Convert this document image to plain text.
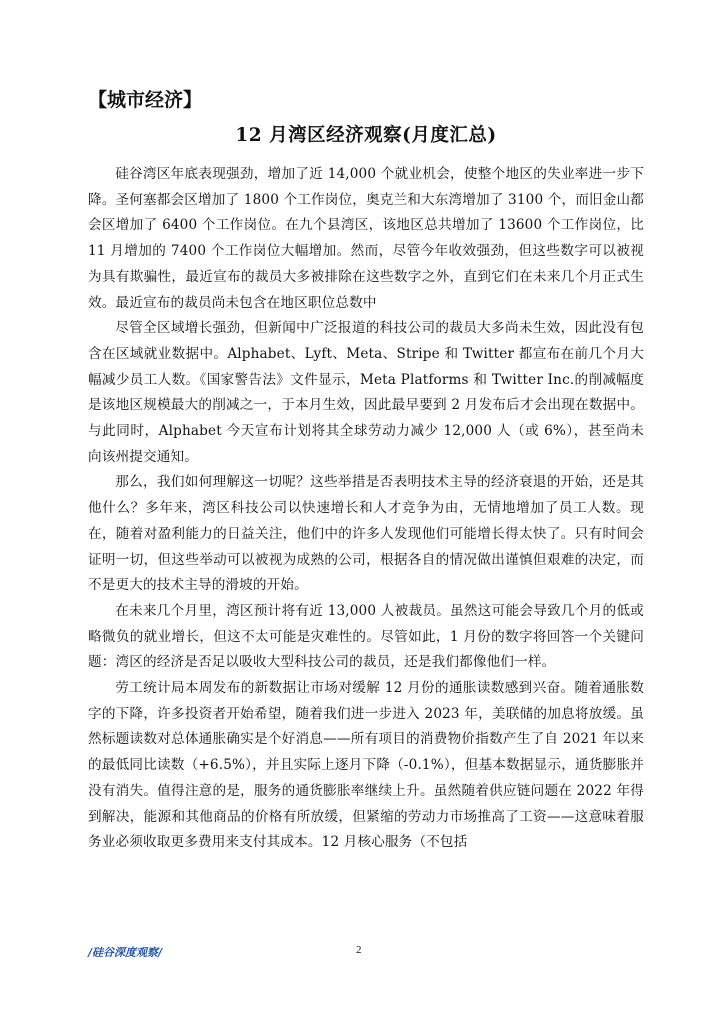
【城市经济】
12 月湾区经济观察(月度汇总)

硅谷湾区年底表现强劲，增加了近 14,000 个就业机会，使整个地区的失业率进一步下降。圣何塞都会区增加了 1800 个工作岗位，奥克兰和大东湾增加了 3100 个，而旧金山都会区增加了 6400 个工作岗位。在九个县湾区，该地区总共增加了 13600 个工作岗位，比 11 月增加的 7400 个工作岗位大幅增加。然而，尽管今年收效强劲，但这些数字可以被视为具有欺骗性，最近宣布的裁员大多被排除在这些数字之外，直到它们在未来几个月正式生效。最近宣布的裁员尚未包含在地区职位总数中

尽管全区域增长强劲，但新闻中广泛报道的科技公司的裁员大多尚未生效，因此没有包含在区域就业数据中。Alphabet、Lyft、Meta、Stripe 和 Twitter 都宣布在前几个月大幅减少员工人数。《国家警告法》文件显示，Meta Platforms 和 Twitter Inc.的削减幅度是该地区规模最大的削减之一，于本月生效，因此最早要到 2 月发布后才会出现在数据中。与此同时，Alphabet 今天宣布计划将其全球劳动力减少 12,000 人（或 6%），甚至尚未向该州提交通知。

那么，我们如何理解这一切呢？这些举措是否表明技术主导的经济衰退的开始，还是其他什么？多年来，湾区科技公司以快速增长和人才竞争为由，无情地增加了员工人数。现在，随着对盈利能力的日益关注，他们中的许多人发现他们可能增长得太快了。只有时间会证明一切，但这些举动可以被视为成熟的公司，根据各自的情况做出谨慎但艰难的决定，而不是更大的技术主导的滑坡的开始。

在未来几个月里，湾区预计将有近 13,000 人被裁员。虽然这可能会导致几个月的低或略微负的就业增长，但这不太可能是灾难性的。尽管如此，1 月份的数字将回答一个关键问题：湾区的经济是否足以吸收大型科技公司的裁员，还是我们都像他们一样。

劳工统计局本周发布的新数据让市场对缓解 12 月份的通胀读数感到兴奋。随着通胀数字的下降，许多投资者开始希望，随着我们进一步进入 2023 年，美联储的加息将放缓。虽然标题读数对总体通胀确实是个好消息——所有项目的消费物价指数产生了自 2021 年以来的最低同比读数（+6.5%），并且实际上逐月下降（-0.1%），但基本数据显示，通货膨胀并没有消失。值得注意的是，服务的通货膨胀率继续上升。虽然随着供应链问题在 2022 年得到解决，能源和其他商品的价格有所放缓，但紧缩的劳动力市场推高了工资——这意味着服务业必须收取更多费用来支付其成本。12 月核心服务（不包括

/硅谷深度观察/	2
